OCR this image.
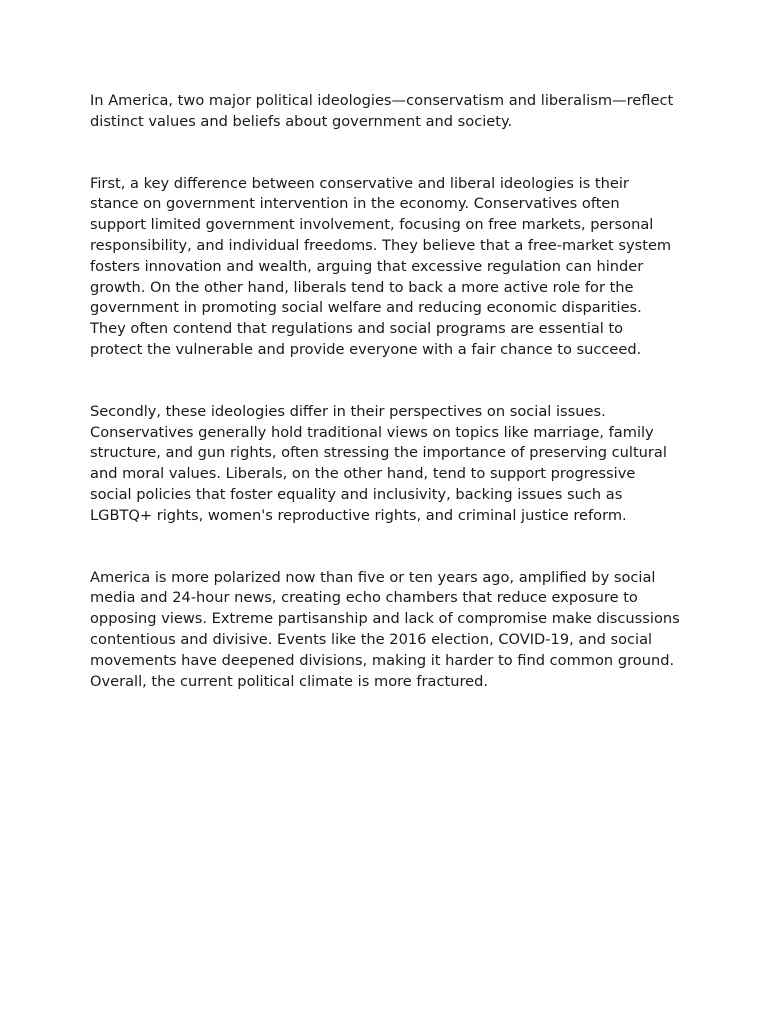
In America, two major political ideologies—conservatism and liberalism—reflect distinct values and beliefs about government and society.

First, a key difference between conservative and liberal ideologies is their stance on government intervention in the economy. Conservatives often support limited government involvement, focusing on free markets, personal responsibility, and individual freedoms. They believe that a free-market system fosters innovation and wealth, arguing that excessive regulation can hinder growth. On the other hand, liberals tend to back a more active role for the government in promoting social welfare and reducing economic disparities. They often contend that regulations and social programs are essential to protect the vulnerable and provide everyone with a fair chance to succeed.

Secondly, these ideologies differ in their perspectives on social issues. Conservatives generally hold traditional views on topics like marriage, family structure, and gun rights, often stressing the importance of preserving cultural and moral values. Liberals, on the other hand, tend to support progressive social policies that foster equality and inclusivity, backing issues such as LGBTQ+ rights, women's reproductive rights, and criminal justice reform.

America is more polarized now than five or ten years ago, amplified by social media and 24-hour news, creating echo chambers that reduce exposure to opposing views. Extreme partisanship and lack of compromise make discussions contentious and divisive. Events like the 2016 election, COVID-19, and social movements have deepened divisions, making it harder to find common ground. Overall, the current political climate is more fractured.
